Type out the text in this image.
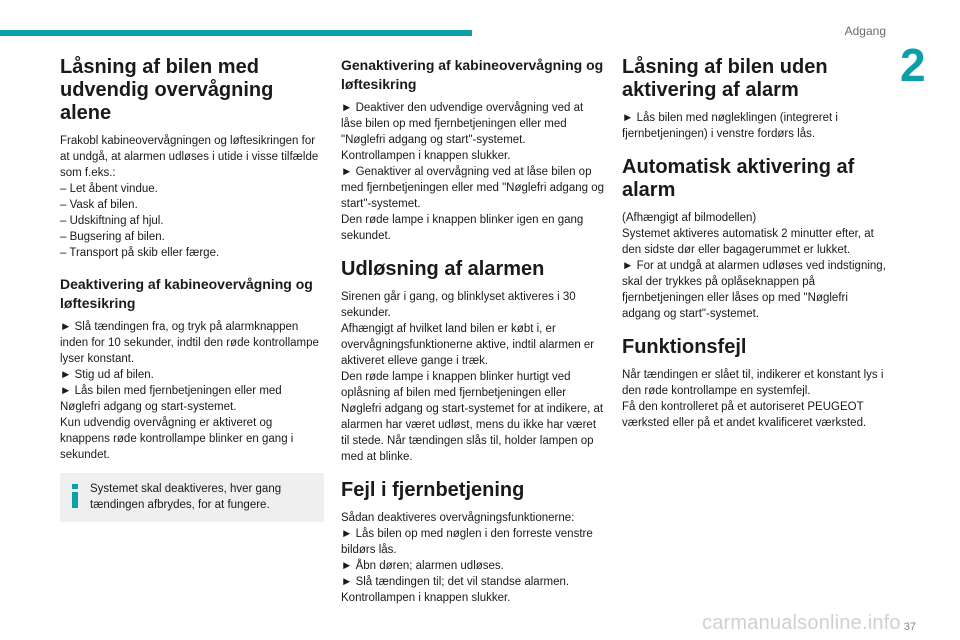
Adgang
2
Låsning af bilen med udvendig overvågning alene

Frakobl kabineovervågningen og løftesikringen for at undgå, at alarmen udløses i utide i visse tilfælde som f.eks.:

– Let åbent vindue.

– Vask af bilen.

– Udskiftning af hjul.

– Bugsering af bilen.

– Transport på skib eller færge.

Deaktivering af kabineovervågning og løftesikring

► Slå tændingen fra, og tryk på alarmknappen inden for 10 sekunder, indtil den røde kontrollampe lyser konstant.

► Stig ud af bilen.

► Lås bilen med fjernbetjeningen eller med Nøglefri adgang og start-systemet.

Kun udvendig overvågning er aktiveret og knappens røde kontrollampe blinker en gang i sekundet.

Systemet skal deaktiveres, hver gang tændingen afbrydes, for at fungere.
Genaktivering af kabineovervågning og løftesikring

► Deaktiver den udvendige overvågning ved at låse bilen op med fjernbetjeningen eller med "Nøglefri adgang og start"-systemet.

Kontrollampen i knappen slukker.

► Genaktiver al overvågning ved at låse bilen op med fjernbetjeningen eller med "Nøglefri adgang og start"-systemet.

Den røde lampe i knappen blinker igen en gang sekundet.

Udløsning af alarmen

Sirenen går i gang, og blinklyset aktiveres i 30 sekunder.

Afhængigt af hvilket land bilen er købt i, er overvågningsfunktionerne aktive, indtil alarmen er aktiveret elleve gange i træk.

Den røde lampe i knappen blinker hurtigt ved oplåsning af bilen med fjernbetjeningen eller Nøglefri adgang og start-systemet for at indikere, at alarmen har været udløst, mens du ikke har været til stede. Når tændingen slås til, holder lampen op med at blinke.

Fejl i fjernbetjening

Sådan deaktiveres overvågningsfunktionerne:

► Lås bilen op med nøglen i den forreste venstre bildørs lås.

► Åbn døren; alarmen udløses.

► Slå tændingen til; det vil standse alarmen.

Kontrollampen i knappen slukker.

Låsning af bilen uden aktivering af alarm

► Lås bilen med nøgleklingen (integreret i fjernbetjeningen) i venstre fordørs lås.

Automatisk aktivering af alarm

(Afhængigt af bilmodellen)

Systemet aktiveres automatisk 2 minutter efter, at den sidste dør eller bagagerummet er lukket.

► For at undgå at alarmen udløses ved indstigning, skal der trykkes på oplåseknappen på fjernbetjeningen eller låses op med "Nøglefri adgang og start"-systemet.

Funktionsfejl

Når tændingen er slået til, indikerer et konstant lys i den røde kontrollampe en systemfejl.

Få den kontrolleret på et autoriseret PEUGEOT værksted eller på et andet kvalificeret værksted.

37
carmanualsonline.info
